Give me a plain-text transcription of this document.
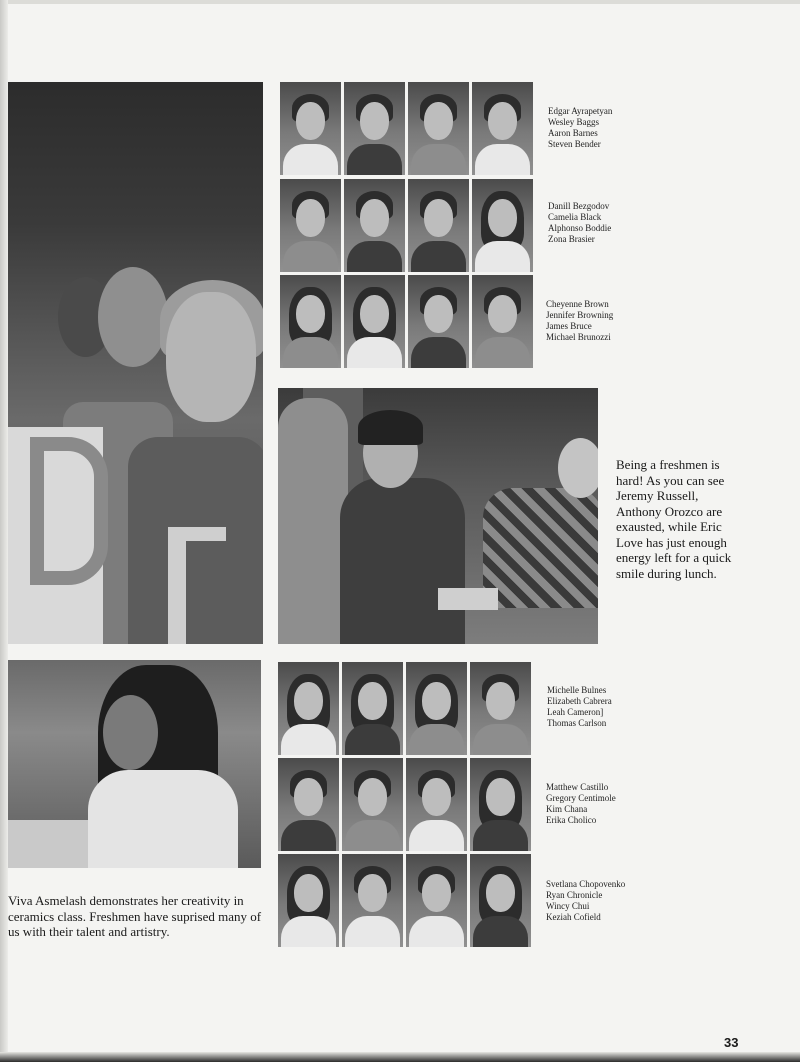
Edgar Ayrapetyan
Wesley Baggs
Aaron Barnes
Steven Bender
Danill Bezgodov
Camelia Black
Alphonso Boddie
Zona Brasier
Cheyenne Brown
Jennifer Browning
James Bruce
Michael Brunozzi

Being a freshmen is hard! As you can see Jeremy Russell, Anthony Orozco are exausted, while Eric Love has just enough energy left for a quick smile during lunch.

Michelle Bulnes
Elizabeth Cabrera
Leah Cameron]
Thomas Carlson
Matthew Castillo
Gregory Centimole
Kim Chana
Erika Cholico
Svetlana Chopovenko
Ryan Chronicle
Wincy Chui
Keziah Cofield

Viva Asmelash demonstrates her creativity in ceramics class. Freshmen have suprised many of us with their talent and artistry.

33
